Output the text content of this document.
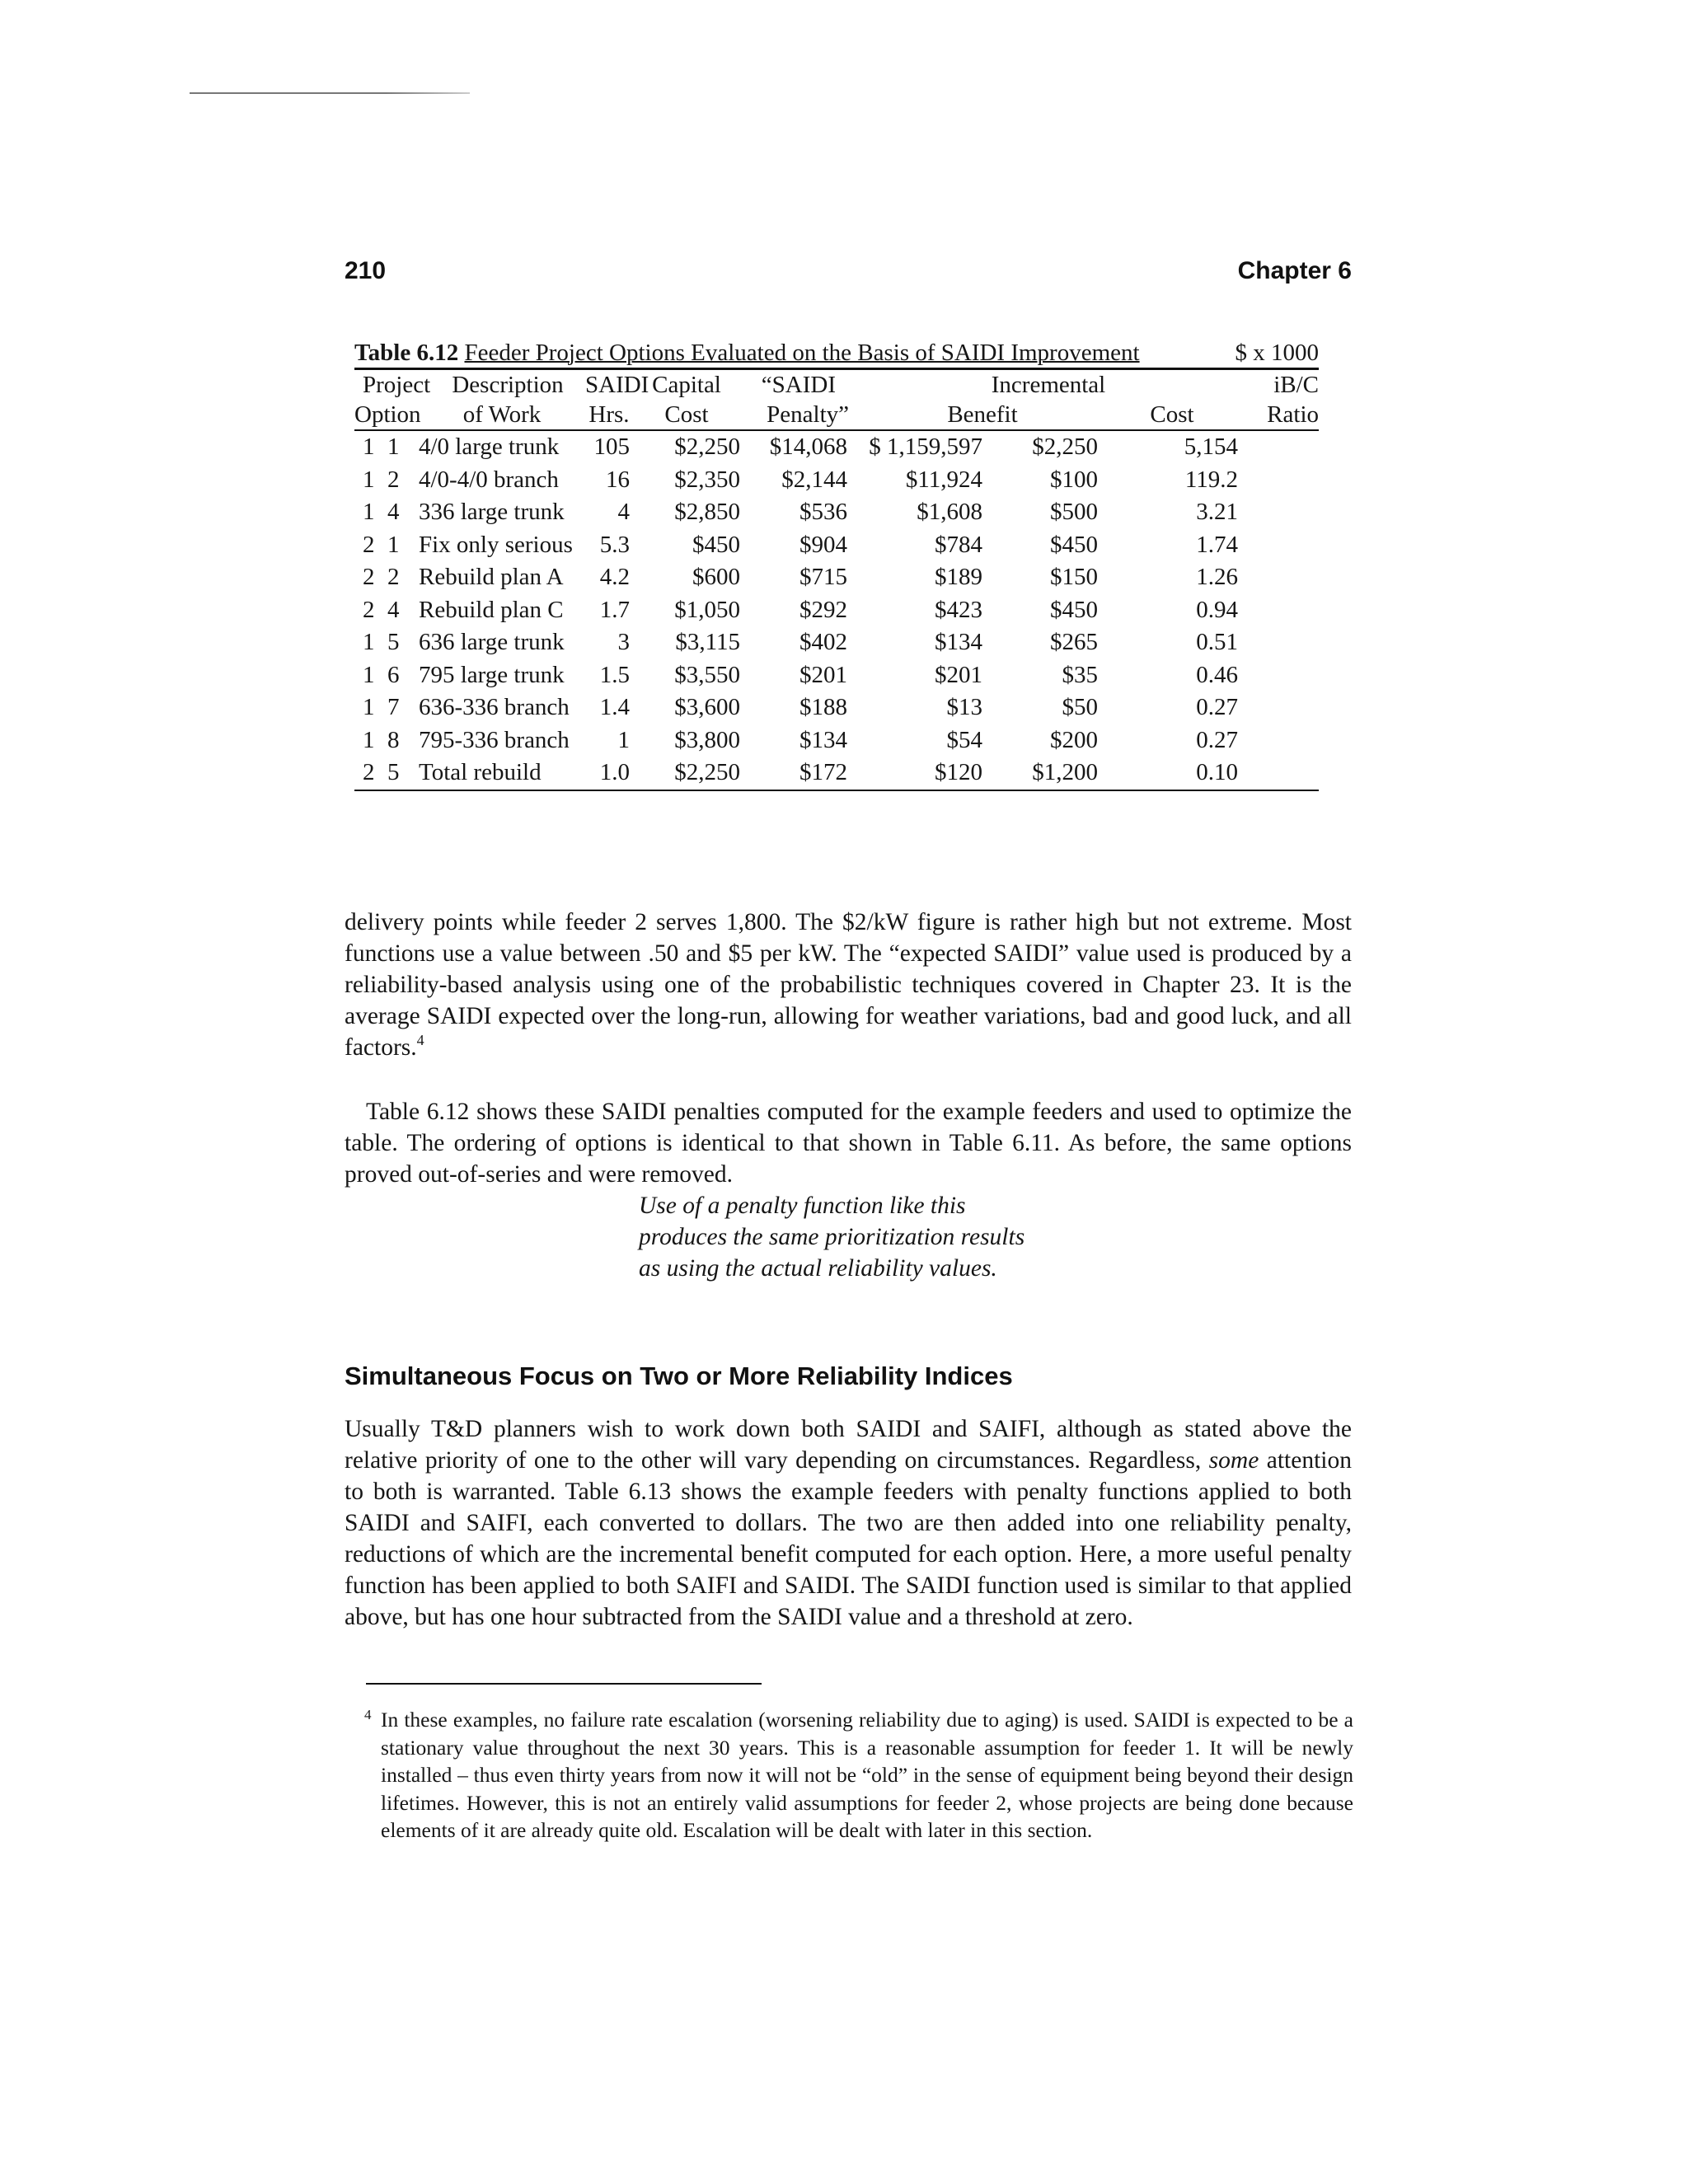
210	Chapter 6
Table 6.12 Feeder Project Options Evaluated on the Basis of SAIDI Improvement	$ x 1000
Project		Description	SAIDI	Capital	“SAIDI	Incremental			iB/C
Option		of Work	Hrs.	Cost	Penalty”	Benefit		Cost	Ratio
1	1	4/0 large trunk	105	$2,250	$14,068	$ 1,159,597	$2,250	5,154	
1	2	4/0-4/0 branch	16	$2,350	$2,144	$11,924	$100	119.2	
1	4	336 large trunk	4	$2,850	$536	$1,608	$500	3.21	
2	1	Fix only serious	5.3	$450	$904	$784	$450	1.74	
2	2	Rebuild plan A	4.2	$600	$715	$189	$150	1.26	
2	4	Rebuild plan C	1.7	$1,050	$292	$423	$450	0.94	
1	5	636 large trunk	3	$3,115	$402	$134	$265	0.51	
1	6	795 large trunk	1.5	$3,550	$201	$201	$35	0.46	
1	7	636-336 branch	1.4	$3,600	$188	$13	$50	0.27	
1	8	795-336 branch	1	$3,800	$134	$54	$200	0.27	
2	5	Total rebuild	1.0	$2,250	$172	$120	$1,200	0.10	
delivery points while feeder 2 serves 1,800. The $2/kW figure is rather high but not extreme. Most functions use a value between .50 and $5 per kW. The “expected SAIDI” value used is produced by a reliability-based analysis using one of the probabilistic techniques covered in Chapter 23. It is the average SAIDI expected over the long-run, allowing for weather variations, bad and good luck, and all factors.$^4$
Table 6.12 shows these SAIDI penalties computed for the example feeders and used to optimize the table. The ordering of options is identical to that shown in Table 6.11. As before, the same options proved out-of-series and were removed.
Use of a penalty function like this
produces the same prioritization results
as using the actual reliability values.
Simultaneous Focus on Two or More Reliability Indices
Usually T&D planners wish to work down both SAIDI and SAIFI, although as stated above the relative priority of one to the other will vary depending on circumstances. Regardless, some attention to both is warranted. Table 6.13 shows the example feeders with penalty functions applied to both SAIDI and SAIFI, each converted to dollars. The two are then added into one reliability penalty, reductions of which are the incremental benefit computed for each option. Here, a more useful penalty function has been applied to both SAIFI and SAIDI. The SAIDI function used is similar to that applied above, but has one hour subtracted from the SAIDI value and a threshold at zero.
4 In these examples, no failure rate escalation (worsening reliability due to aging) is used. SAIDI is expected to be a stationary value throughout the next 30 years. This is a reasonable assumption for feeder 1. It will be newly installed – thus even thirty years from now it will not be “old” in the sense of equipment being beyond their design lifetimes. However, this is not an entirely valid assumptions for feeder 2, whose projects are being done because elements of it are already quite old. Escalation will be dealt with later in this section.
